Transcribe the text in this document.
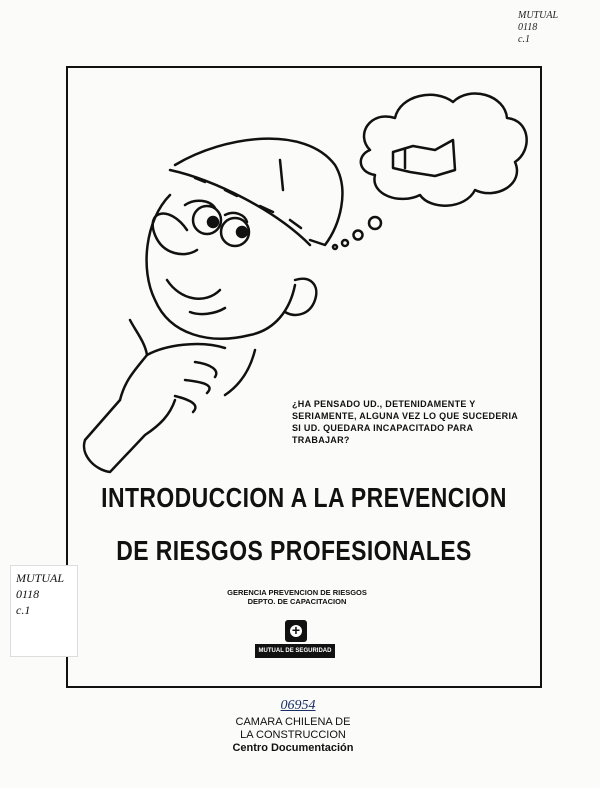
MUTUAL
0118
c.1
¿HA PENSADO UD., DETENIDAMENTE Y SERIAMENTE, ALGUNA VEZ LO QUE SUCEDERIA SI UD. QUEDARA INCAPACITADO PARA TRABAJAR?
INTRODUCCION A LA PREVENCION
DE RIESGOS PROFESIONALES
MUTUAL
0118
c.1
GERENCIA PREVENCION DE RIESGOS
DEPTO. DE CAPACITACION
+
MUTUAL DE SEGURIDAD
06954
CAMARA CHILENA DE
LA CONSTRUCCION
Centro Documentación
